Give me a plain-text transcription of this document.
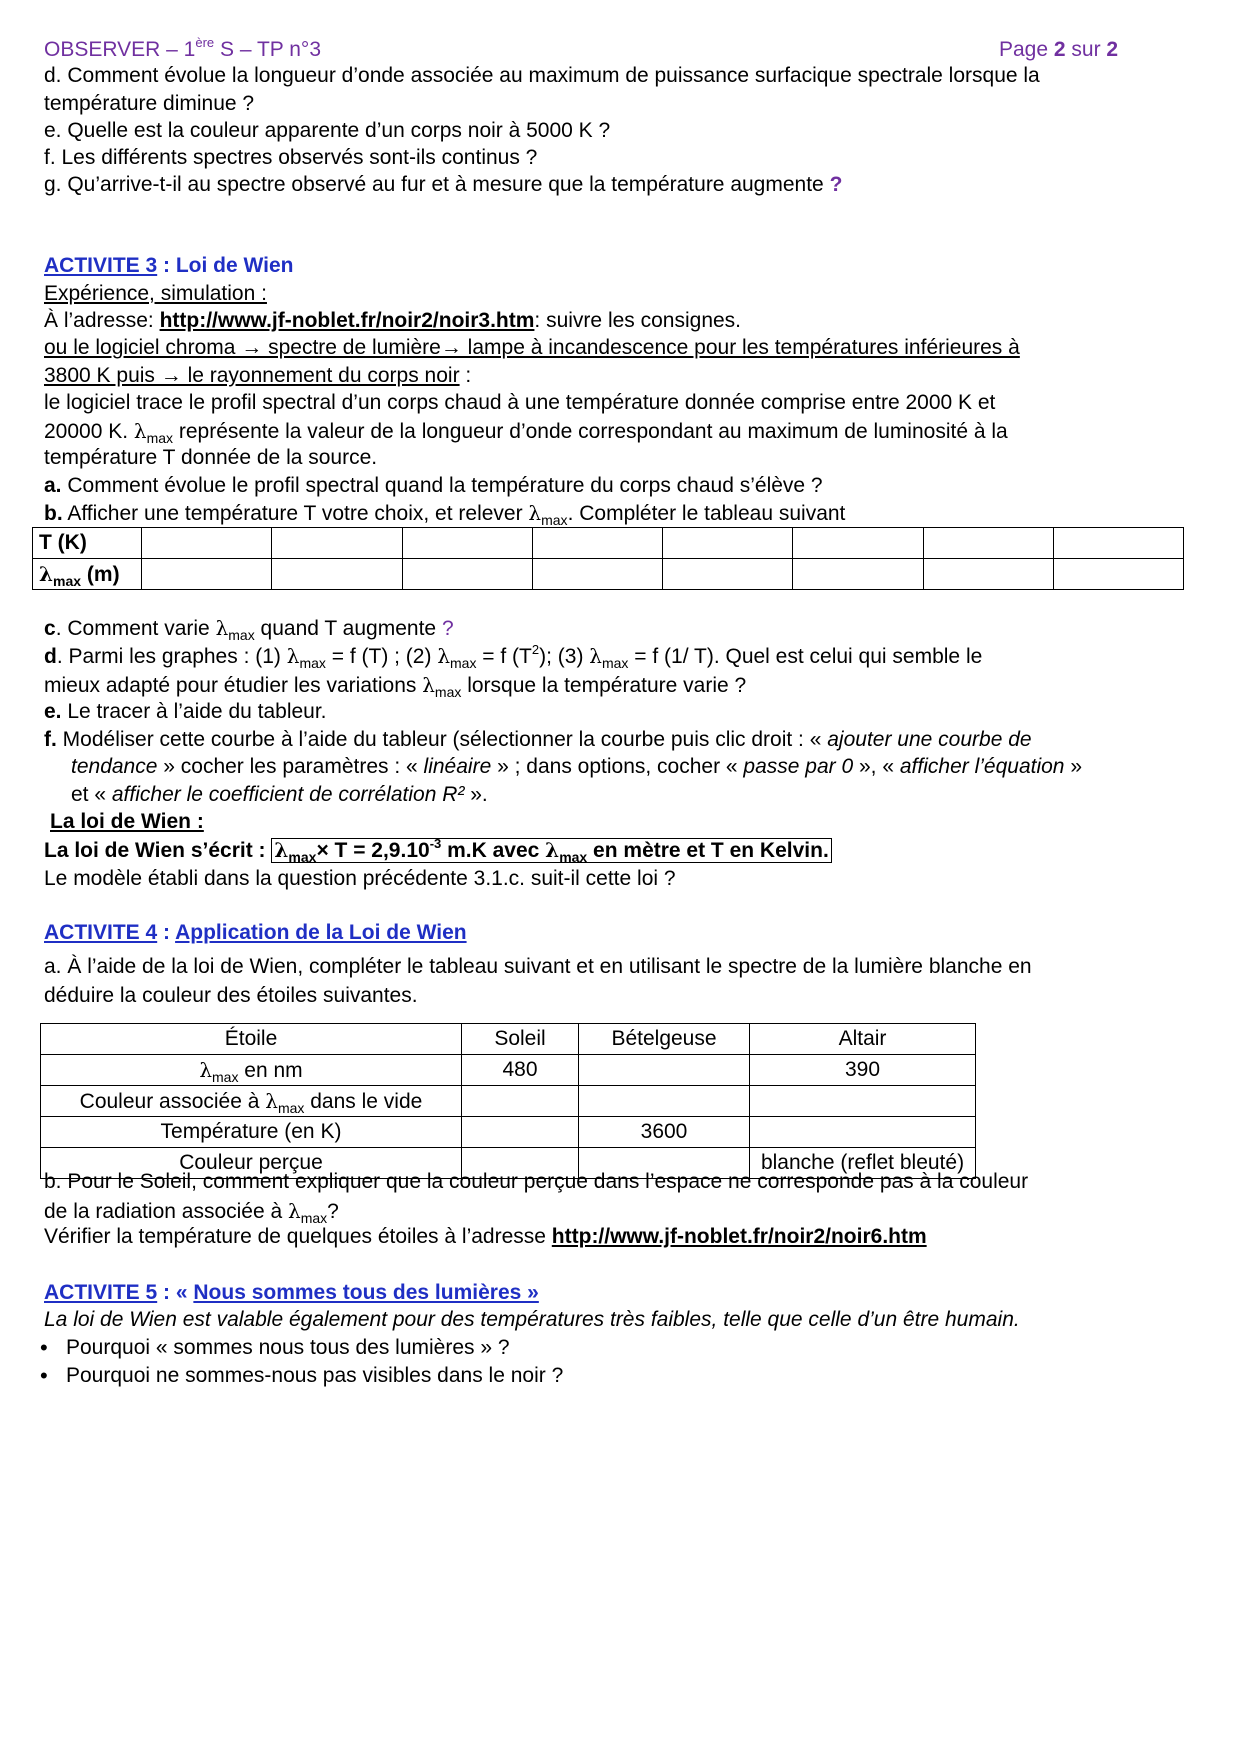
OBSERVER – 1ère S – TP n°3	Page 2 sur 2
d. Comment évolue la longueur d’onde associée au maximum de puissance surfacique spectrale lorsque la
température diminue ?
e. Quelle est la couleur apparente d’un corps noir à 5000 K ?
f. Les différents spectres observés sont-ils continus ?
g. Qu’arrive-t-il au spectre observé au fur et à mesure que la température augmente ?
ACTIVITE 3 : Loi de Wien
Expérience, simulation :
À l’adresse: http://www.jf-noblet.fr/noir2/noir3.htm: suivre les consignes.
ou le logiciel chroma → spectre de lumière→ lampe à incandescence pour les températures inférieures à
3800 K puis → le rayonnement du corps noir :
le logiciel trace le profil spectral d’un corps chaud à une température donnée comprise entre 2000 K et
20000 K. $\lambda_{max}$ représente la valeur de la longueur d’onde correspondant au maximum de luminosité à la
température T donnée de la source.
a. Comment évolue le profil spectral quand la température du corps chaud s’élève ?
b. Afficher une température T votre choix, et relever $\lambda_{max}$. Compléter le tableau suivant
T (K)								
$\lambda_{max}$ (m)								
c. Comment varie $\lambda_{max}$ quand T augmente ?
d. Parmi les graphes : (1) $\lambda_{max} = f$ (T) ; (2) $\lambda_{max} = f$ $(T^2)$; (3) $\lambda_{max} = f$ (1/ T). Quel est celui qui semble le
mieux adapté pour étudier les variations $\lambda_{max}$ lorsque la température varie ?
e. Le tracer à l’aide du tableur.
f. Modéliser cette courbe à l’aide du tableur (sélectionner la courbe puis clic droit : « ajouter une courbe de
tendance » cocher les paramètres : « linéaire » ; dans options, cocher « passe par 0 », « afficher l’équation »
et « afficher le coefficient de corrélation R² ».
La loi de Wien :
La loi de Wien s’écrit : $\lambda_{max}\times T = 2,9.10^{-3}$ m.K avec $\lambda_{max}$ en mètre et T en Kelvin.
Le modèle établi dans la question précédente 3.1.c. suit-il cette loi ?
ACTIVITE 4 : Application de la Loi de Wien
a. À l’aide de la loi de Wien, compléter le tableau suivant et en utilisant le spectre de la lumière blanche en
déduire la couleur des étoiles suivantes.
Étoile	Soleil	Bételgeuse	Altair
$\lambda_{max}$ en nm	480		390
Couleur associée à $\lambda_{max}$ dans le vide			
Température (en K)		3600	
Couleur perçue			blanche (reflet bleuté)
b. Pour le Soleil, comment expliquer que la couleur perçue dans l’espace ne corresponde pas à la couleur
de la radiation associée à $\lambda_{max}$?
Vérifier la température de quelques étoiles à l’adresse http://www.jf-noblet.fr/noir2/noir6.htm
ACTIVITE 5 : « Nous sommes tous des lumières »
La loi de Wien est valable également pour des températures très faibles, telle que celle d’un être humain.
• Pourquoi « sommes nous tous des lumières » ?
• Pourquoi ne sommes-nous pas visibles dans le noir ?
